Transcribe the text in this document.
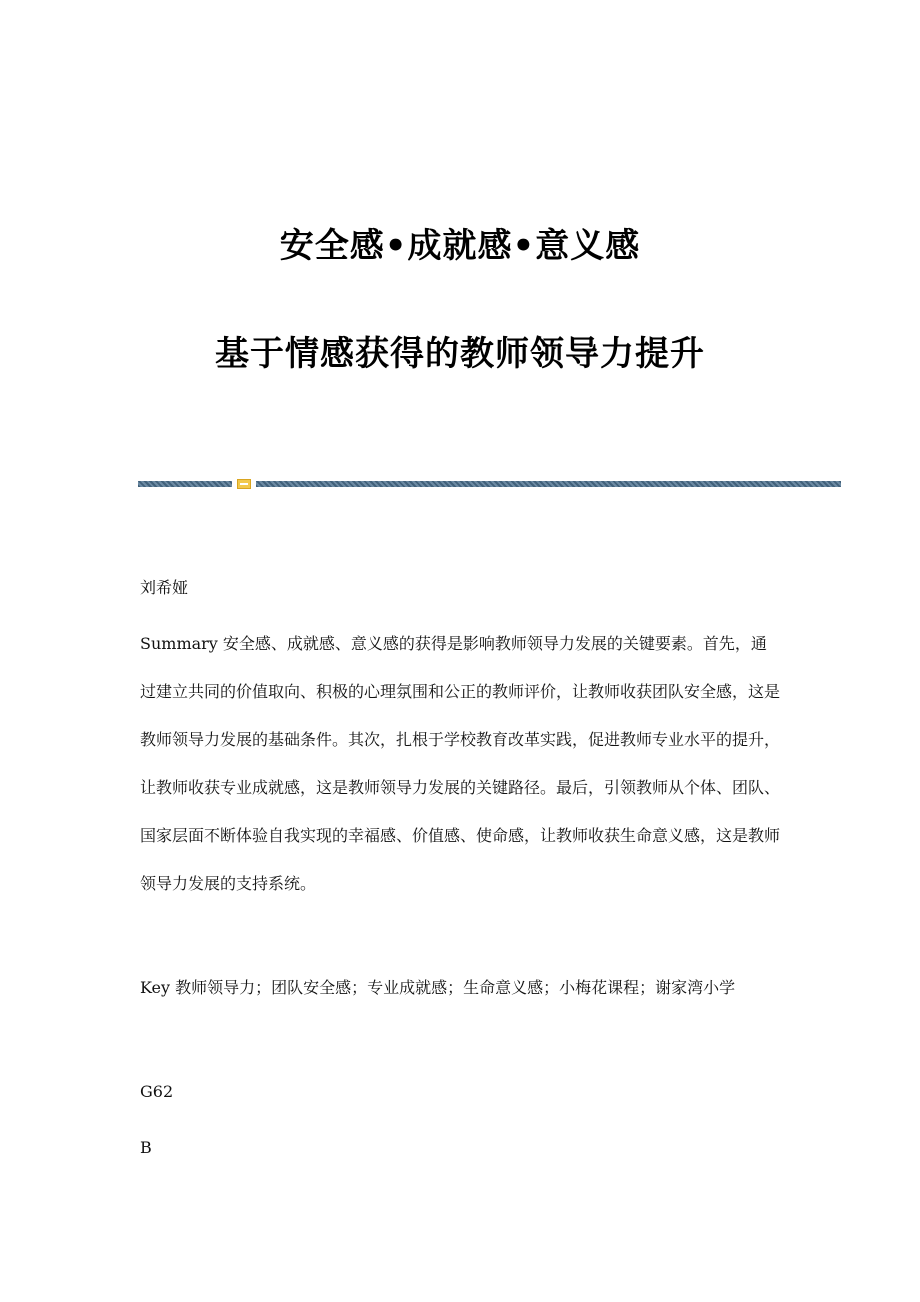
安全感•成就感•意义感
基于情感获得的教师领导力提升
刘希娅
Summary 安全感、成就感、意义感的获得是影响教师领导力发展的关键要素。首先，通过建立共同的价值取向、积极的心理氛围和公正的教师评价，让教师收获团队安全感，这是教师领导力发展的基础条件。其次，扎根于学校教育改革实践，促进教师专业水平的提升，让教师收获专业成就感，这是教师领导力发展的关键路径。最后，引领教师从个体、团队、国家层面不断体验自我实现的幸福感、价值感、使命感，让教师收获生命意义感，这是教师领导力发展的支持系统。
Key 教师领导力；团队安全感；专业成就感；生命意义感；小梅花课程；谢家湾小学
G62
B
